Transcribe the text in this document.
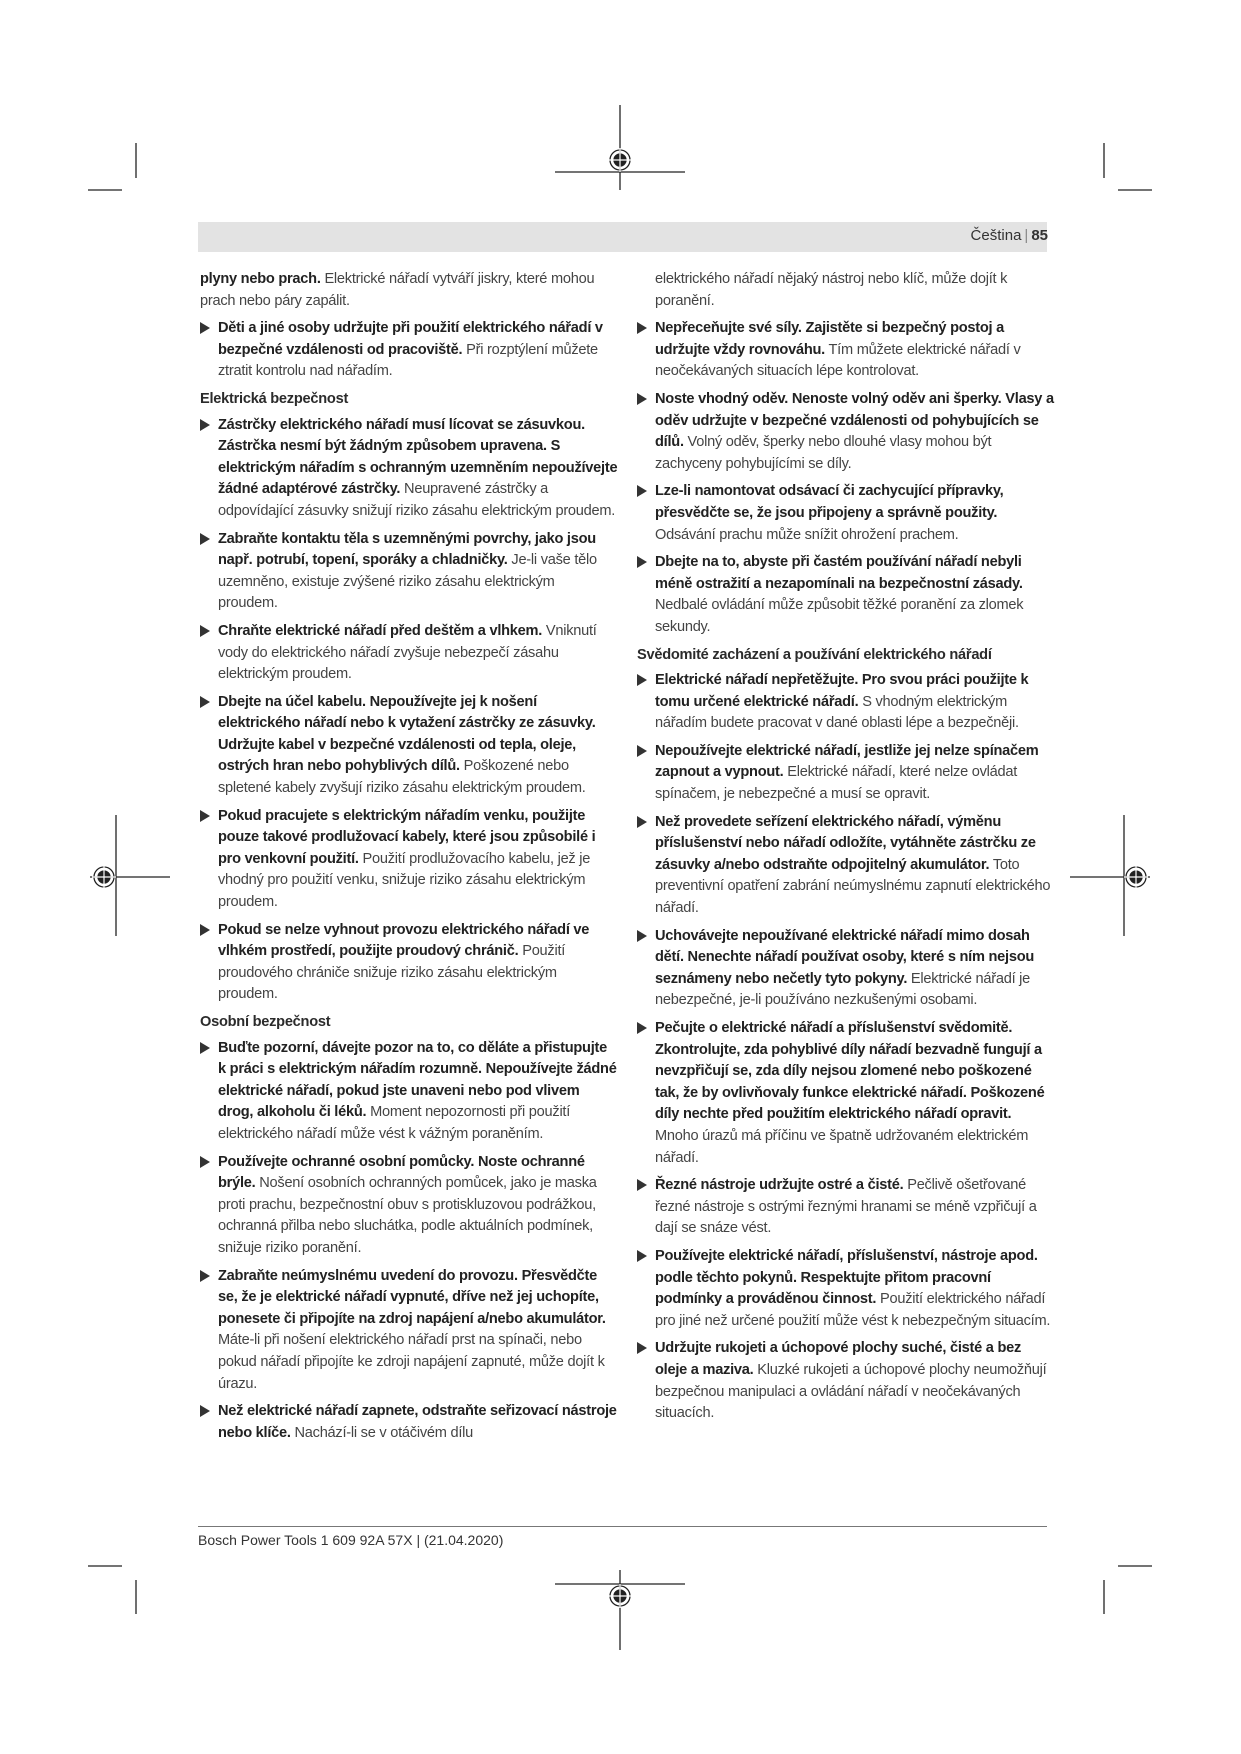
Čeština | 85

plyny nebo prach. Elektrické nářadí vytváří jiskry, které mohou prach nebo páry zapálit.

Děti a jiné osoby udržujte při použití elektrického nářadí v bezpečné vzdálenosti od pracoviště. Při rozptýlení můžete ztratit kontrolu nad nářadím.
Elektrická bezpečnost
Zástrčky elektrického nářadí musí lícovat se zásuvkou. Zástrčka nesmí být žádným způsobem upravena. S elektrickým nářadím s ochranným uzemněním nepoužívejte žádné adaptérové zástrčky. Neupravené zástrčky a odpovídající zásuvky snižují riziko zásahu elektrickým proudem.
Zabraňte kontaktu těla s uzemněnými povrchy, jako jsou např. potrubí, topení, sporáky a chladničky. Je-li vaše tělo uzemněno, existuje zvýšené riziko zásahu elektrickým proudem.
Chraňte elektrické nářadí před deštěm a vlhkem. Vniknutí vody do elektrického nářadí zvyšuje nebezpečí zásahu elektrickým proudem.
Dbejte na účel kabelu. Nepoužívejte jej k nošení elektrického nářadí nebo k vytažení zástrčky ze zásuvky. Udržujte kabel v bezpečné vzdálenosti od tepla, oleje, ostrých hran nebo pohyblivých dílů. Poškozené nebo spletené kabely zvyšují riziko zásahu elektrickým proudem.
Pokud pracujete s elektrickým nářadím venku, použijte pouze takové prodlužovací kabely, které jsou způsobilé i pro venkovní použití. Použití prodlužovacího kabelu, jež je vhodný pro použití venku, snižuje riziko zásahu elektrickým proudem.
Pokud se nelze vyhnout provozu elektrického nářadí ve vlhkém prostředí, použijte proudový chránič. Použití proudového chrániče snižuje riziko zásahu elektrickým proudem.
Osobní bezpečnost
Buďte pozorní, dávejte pozor na to, co děláte a přistupujte k práci s elektrickým nářadím rozumně. Nepoužívejte žádné elektrické nářadí, pokud jste unaveni nebo pod vlivem drog, alkoholu či léků. Moment nepozornosti při použití elektrického nářadí může vést k vážným poraněním.
Používejte ochranné osobní pomůcky. Noste ochranné brýle. Nošení osobních ochranných pomůcek, jako je maska proti prachu, bezpečnostní obuv s protiskluzovou podrážkou, ochranná přilba nebo sluchátka, podle aktuálních podmínek, snižuje riziko poranění.
Zabraňte neúmyslnému uvedení do provozu. Přesvědčte se, že je elektrické nářadí vypnuté, dříve než jej uchopíte, ponesete či připojíte na zdroj napájení a/nebo akumulátor. Máte-li při nošení elektrického nářadí prst na spínači, nebo pokud nářadí připojíte ke zdroji napájení zapnuté, může dojít k úrazu.
Než elektrické nářadí zapnete, odstraňte seřizovací nástroje nebo klíče. Nachází-li se v otáčivém dílu
elektrického nářadí nějaký nástroj nebo klíč, může dojít k poranění.
Nepřeceňujte své síly. Zajistěte si bezpečný postoj a udržujte vždy rovnováhu. Tím můžete elektrické nářadí v neočekávaných situacích lépe kontrolovat.
Noste vhodný oděv. Nenoste volný oděv ani šperky. Vlasy a oděv udržujte v bezpečné vzdálenosti od pohybujících se dílů. Volný oděv, šperky nebo dlouhé vlasy mohou být zachyceny pohybujícími se díly.
Lze-li namontovat odsávací či zachycující přípravky, přesvědčte se, že jsou připojeny a správně použity. Odsávání prachu může snížit ohrožení prachem.
Dbejte na to, abyste při častém používání nářadí nebyli méně ostražití a nezapomínali na bezpečnostní zásady. Nedbalé ovládání může způsobit těžké poranění za zlomek sekundy.
Svědomité zacházení a používání elektrického nářadí
Elektrické nářadí nepřetěžujte. Pro svou práci použijte k tomu určené elektrické nářadí. S vhodným elektrickým nářadím budete pracovat v dané oblasti lépe a bezpečněji.
Nepoužívejte elektrické nářadí, jestliže jej nelze spínačem zapnout a vypnout. Elektrické nářadí, které nelze ovládat spínačem, je nebezpečné a musí se opravit.
Než provedete seřízení elektrického nářadí, výměnu příslušenství nebo nářadí odložíte, vytáhněte zástrčku ze zásuvky a/nebo odstraňte odpojitelný akumulátor. Toto preventivní opatření zabrání neúmyslnému zapnutí elektrického nářadí.
Uchovávejte nepoužívané elektrické nářadí mimo dosah dětí. Nenechte nářadí používat osoby, které s ním nejsou seznámeny nebo nečetly tyto pokyny. Elektrické nářadí je nebezpečné, je-li používáno nezkušenými osobami.
Pečujte o elektrické nářadí a příslušenství svědomitě. Zkontrolujte, zda pohyblivé díly nářadí bezvadně fungují a nevzpřičují se, zda díly nejsou zlomené nebo poškozené tak, že by ovlivňovaly funkce elektrické nářadí. Poškozené díly nechte před použitím elektrického nářadí opravit. Mnoho úrazů má příčinu ve špatně udržovaném elektrickém nářadí.
Řezné nástroje udržujte ostré a čisté. Pečlivě ošetřované řezné nástroje s ostrými řeznými hranami se méně vzpřičují a dají se snáze vést.
Používejte elektrické nářadí, příslušenství, nástroje apod. podle těchto pokynů. Respektujte přitom pracovní podmínky a prováděnou činnost. Použití elektrického nářadí pro jiné než určené použití může vést k nebezpečným situacím.
Udržujte rukojeti a úchopové plochy suché, čisté a bez oleje a maziva. Kluzké rukojeti a úchopové plochy neumožňují bezpečnou manipulaci a ovládání nářadí v neočekávaných situacích.
Bosch Power Tools 1 609 92A 57X | (21.04.2020)
